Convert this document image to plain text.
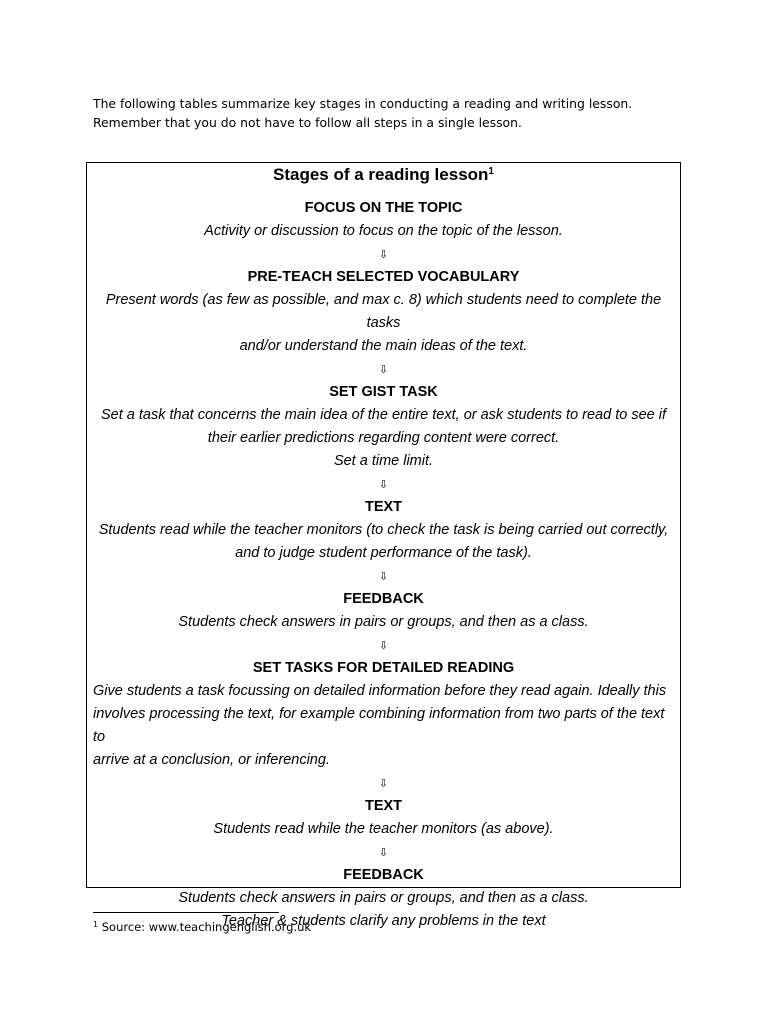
The following tables summarize key stages in conducting a reading and writing lesson.
Remember that you do not have to follow all steps in a single lesson.

Stages of a reading lesson$^1$
FOCUS ON THE TOPIC
Activity or discussion to focus on the topic of the lesson.
⇩
PRE-TEACH SELECTED VOCABULARY
Present words (as few as possible, and max c. 8) which students need to complete the tasks
and/or understand the main ideas of the text.
⇩
SET GIST TASK
Set a task that concerns the main idea of the entire text, or ask students to read to see if
their earlier predictions regarding content were correct.
Set a time limit.
⇩
TEXT
Students read while the teacher monitors (to check the task is being carried out correctly,
and to judge student performance of the task).
⇩
FEEDBACK
Students check answers in pairs or groups, and then as a class.
⇩
SET TASKS FOR DETAILED READING
Give students a task focussing on detailed information before they read again. Ideally this
involves processing the text, for example combining information from two parts of the text to
arrive at a conclusion, or inferencing.
⇩
TEXT
Students read while the teacher monitors (as above).
⇩
FEEDBACK
Students check answers in pairs or groups, and then as a class.
Teacher & students clarify any problems in the text
$^1$ Source: www.teachingenglish.org.uk
